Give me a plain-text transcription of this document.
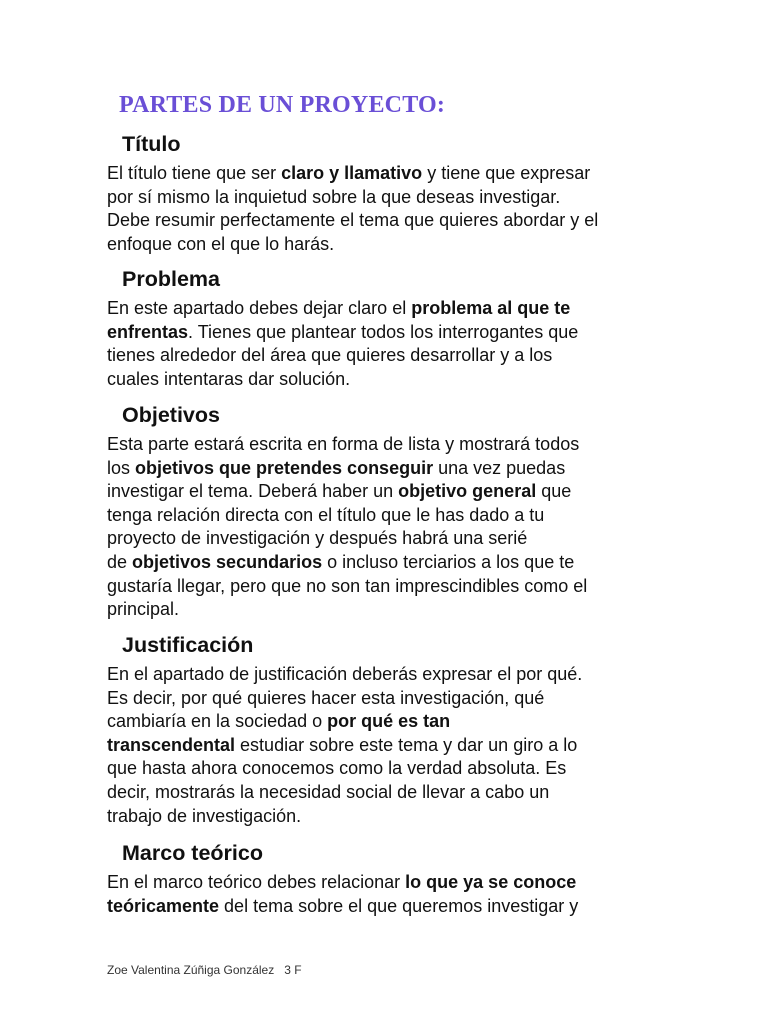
PARTES DE UN PROYECTO:
Título

El título tiene que ser claro y llamativo y tiene que expresar
por sí mismo la inquietud sobre la que deseas investigar.
Debe resumir perfectamente el tema que quieres abordar y el
enfoque con el que lo harás.

Problema

En este apartado debes dejar claro el problema al que te
enfrentas. Tienes que plantear todos los interrogantes que
tienes alrededor del área que quieres desarrollar y a los
cuales intentaras dar solución.

Objetivos

Esta parte estará escrita en forma de lista y mostrará todos
los objetivos que pretendes conseguir una vez puedas
investigar el tema. Deberá haber un objetivo general que
tenga relación directa con el título que le has dado a tu
proyecto de investigación y después habrá una serié
de objetivos secundarios o incluso terciarios a los que te
gustaría llegar, pero que no son tan imprescindibles como el
principal.

Justificación

En el apartado de justificación deberás expresar el por qué.
Es decir, por qué quieres hacer esta investigación, qué
cambiaría en la sociedad o por qué es tan
transcendental estudiar sobre este tema y dar un giro a lo
que hasta ahora conocemos como la verdad absoluta. Es
decir, mostrarás la necesidad social de llevar a cabo un
trabajo de investigación.

Marco teórico

En el marco teórico debes relacionar lo que ya se conoce
teóricamente del tema sobre el que queremos investigar y

Zoe Valentina Zúñiga González   3 F
